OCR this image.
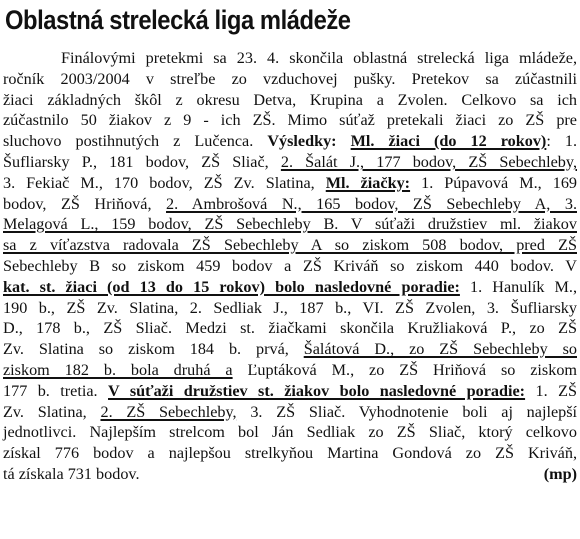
Oblastná strelecká liga mládeže
Finálovými pretekmi sa 23. 4. skončila oblastná strelecká liga mládeže,
ročník 2003/2004 v streľbe zo vzduchovej pušky. Pretekov sa zúčastnili
žiaci základných škôl z okresu Detva, Krupina a Zvolen. Celkovo sa ich
zúčastnilo 50 žiakov z 9 - ich ZŠ. Mimo súťaž pretekali žiaci zo ZŠ pre
sluchovo postihnutých z Lučenca. Výsledky: Ml. žiaci (do 12 rokov): 1.
Šufliarsky P., 181 bodov, ZŠ Sliač, 2. Šalát J., 177 bodov, ZŠ Sebechleby,
3. Fekiač M., 170 bodov, ZŠ Zv. Slatina, Ml. žiačky: 1. Púpavová M., 169
bodov, ZŠ Hriňová, 2. Ambrošová N., 165 bodov, ZŠ Sebechleby A, 3.
Melagová L., 159 bodov, ZŠ Sebechleby B. V súťaži družstiev ml. žiakov
sa z víťazstva radovala ZŠ Sebechleby A so ziskom 508 bodov, pred ZŠ
Sebechleby B so ziskom 459 bodov a ZŠ Kriváň so ziskom 440 bodov. V
kat. st. žiaci (od 13 do 15 rokov) bolo nasledovné poradie: 1. Hanulík M.,
190 b., ZŠ Zv. Slatina, 2. Sedliak J., 187 b., VI. ZŠ Zvolen, 3. Šufliarsky
D., 178 b., ZŠ Sliač. Medzi st. žiačkami skončila Kružliaková P., zo ZŠ
Zv. Slatina so ziskom 184 b. prvá, Šalátová D., zo ZŠ Sebechleby so
ziskom 182 b. bola druhá a Ľuptáková M., zo ZŠ Hriňová so ziskom
177 b. tretia. V súťaži družstiev st. žiakov bolo nasledovné poradie: 1. ZŠ
Zv. Slatina, 2. ZŠ Sebechleby, 3. ZŠ Sliač. Vyhodnotenie boli aj najlepší
jednotlivci. Najlepším strelcom bol Ján Sedliak zo ZŠ Sliač, ktorý celkovo
získal 776 bodov a najlepšou strelkyňou Martina Gondová zo ZŠ Kriváň,
tá získala 731 bodov.	(mp)
